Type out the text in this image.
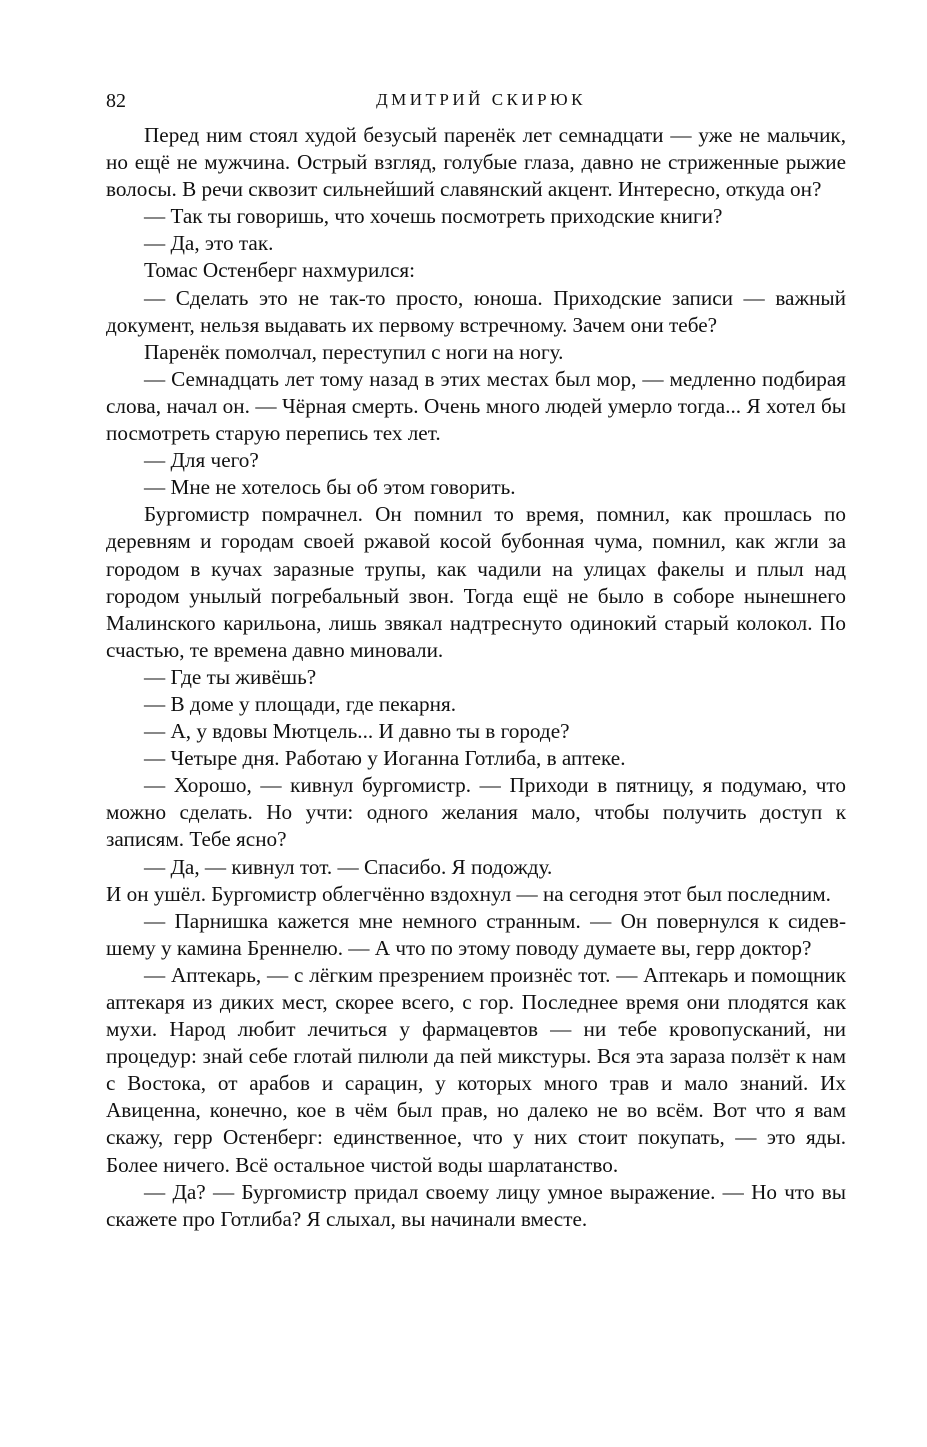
82	ДМИТРИЙ СКИРЮК

Перед ним стоял худой безусый паренёк лет семнадцати — уже не мальчик, но ещё не мужчина. Острый взгляд, голубые глаза, давно не стриженные рыжие волосы. В речи сквозит сильнейший славянский акцент. Интересно, откуда он?

— Так ты говоришь, что хочешь посмотреть приходские книги?

— Да, это так.

Томас Остенберг нахмурился:

— Сделать это не так-то просто, юноша. Приходские записи — важный документ, нельзя выдавать их первому встречному. Зачем они тебе?

Паренёк помолчал, переступил с ноги на ногу.

— Семнадцать лет тому назад в этих местах был мор, — медленно подбирая слова, начал он. — Чёрная смерть. Очень много людей умерло тогда... Я хотел бы посмотреть старую перепись тех лет.

— Для чего?

— Мне не хотелось бы об этом говорить.

Бургомистр помрачнел. Он помнил то время, помнил, как прошлась по деревням и городам своей ржавой косой бубонная чума, помнил, как жгли за городом в кучах заразные трупы, как чадили на улицах факелы и плыл над городом унылый погребальный звон. Тогда ещё не было в соборе нынешнего Малинского карильона, лишь звякал надтреснуто одинокий старый колокол. По счастью, те времена давно миновали.

— Где ты живёшь?

— В доме у площади, где пекарня.

— А, у вдовы Мютцель... И давно ты в городе?

— Четыре дня. Работаю у Иоганна Готлиба, в аптеке.

— Хорошо, — кивнул бургомистр. — Приходи в пятницу, я подумаю, что можно сделать. Но учти: одного желания мало, чтобы получить доступ к записям. Тебе ясно?

— Да, — кивнул тот. — Спасибо. Я подожду.

И он ушёл. Бургомистр облегчённо вздохнул — на сегодня этот был последним.

— Парнишка кажется мне немного странным. — Он повернулся к сидевшему у камина Бреннелю. — А что по этому поводу думаете вы, герр доктор?

— Аптекарь, — с лёгким презрением произнёс тот. — Аптекарь и помощник аптекаря из диких мест, скорее всего, с гор. Последнее время они плодятся как мухи. Народ любит лечиться у фармацевтов — ни тебе кровопусканий, ни процедур: знай себе глотай пилюли да пей микстуры. Вся эта зараза ползёт к нам с Востока, от арабов и сарацин, у которых много трав и мало знаний. Их Авиценна, конечно, кое в чём был прав, но далеко не во всём. Вот что я вам скажу, герр Остенберг: единственное, что у них стоит покупать, — это яды. Более ничего. Всё остальное чистой воды шарлатанство.

— Да? — Бургомистр придал своему лицу умное выражение. — Но что вы скажете про Готлиба? Я слыхал, вы начинали вместе.
